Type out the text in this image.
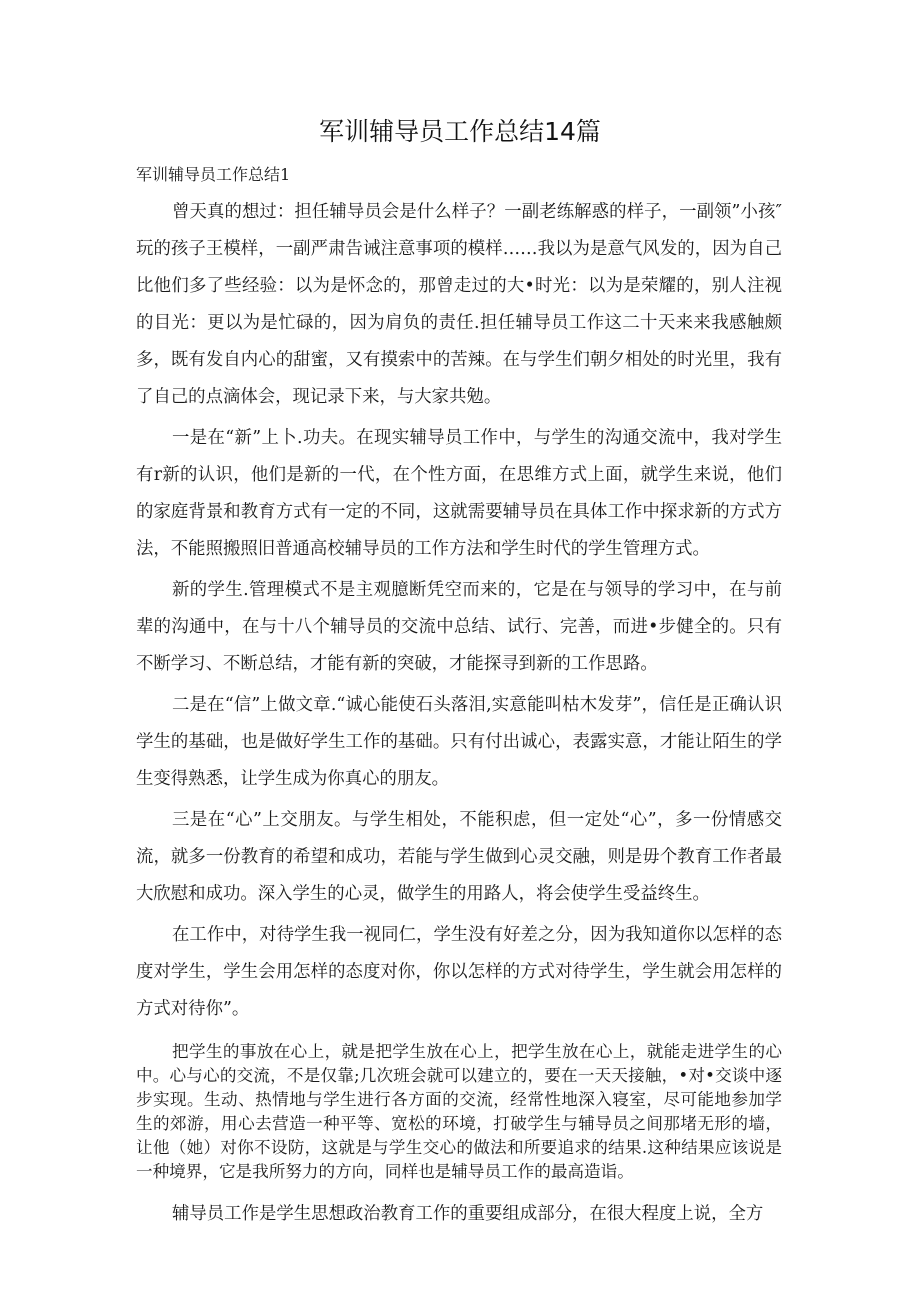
军训辅导员工作总结14篇
军训辅导员工作总结1

曾天真的想过：担任辅导员会是什么样子？一副老练解惑的样子，一副领”小孩″玩的孩子王模样，一副严肃告诫注意事项的模样……我以为是意气风发的，因为自己比他们多了些经验：以为是怀念的，那曾走过的大•时光：以为是荣耀的，别人注视的目光：更以为是忙碌的，因为肩负的责任.担任辅导员工作这二十天来来我感触颇多，既有发自内心的甜蜜，又有摸索中的苦辣。在与学生们朝夕相处的时光里，我有了自己的点滴体会，现记录下来，与大家共勉。

一是在“新”上卜.功夫。在现实辅导员工作中，与学生的沟通交流中，我对学生有r新的认识，他们是新的一代，在个性方面，在思维方式上面，就学生来说，他们的家庭背景和教育方式有一定的不同，这就需要辅导员在具体工作中探求新的方式方法，不能照搬照旧普通高校辅导员的工作方法和学生时代的学生管理方式。

新的学生.管理模式不是主观臆断凭空而来的，它是在与领导的学习中，在与前辈的沟通中，在与十八个辅导员的交流中总结、试行、完善，而进•步健全的。只有不断学习、不断总结，才能有新的突破，才能探寻到新的工作思路。

二是在“信”上做文章.“诚心能使石头落泪,实意能叫枯木发芽”，信任是正确认识学生的基础，也是做好学生工作的基础。只有付出诚心，表露实意，才能让陌生的学生变得熟悉，让学生成为你真心的朋友。

三是在“心”上交朋友。与学生相处，不能积虑，但一定处“心”，多一份情感交流，就多一份教育的希望和成功，若能与学生做到心灵交融，则是毋个教育工作者最大欣慰和成功。深入学生的心灵，做学生的用路人，将会使学生受益终生。

在工作中，对待学生我一视同仁，学生没有好差之分，因为我知道你以怎样的态度对学生，学生会用怎样的态度对你，你以怎样的方式对待学生，学生就会用怎样的方式对待你”。

把学生的事放在心上，就是把学生放在心上，把学生放在心上，就能走进学生的心中。心与心的交流，不是仅靠;几次班会就可以建立的，要在一天天接触，•对•交谈中逐步实现。生动、热情地与学生进行各方面的交流，经常性地深入寝室，尽可能地参加学生的郊游，用心去营造一种平等、宽松的环境，打破学生与辅导员之间那堵无形的墙，让他（她）对你不设防，这就是与学生交心的做法和所要追求的结果.这种结果应该说是一种境界，它是我所努力的方向，同样也是辅导员工作的最高造诣。

辅导员工作是学生思想政治教育工作的重要组成部分，在很大程度上说，全方
